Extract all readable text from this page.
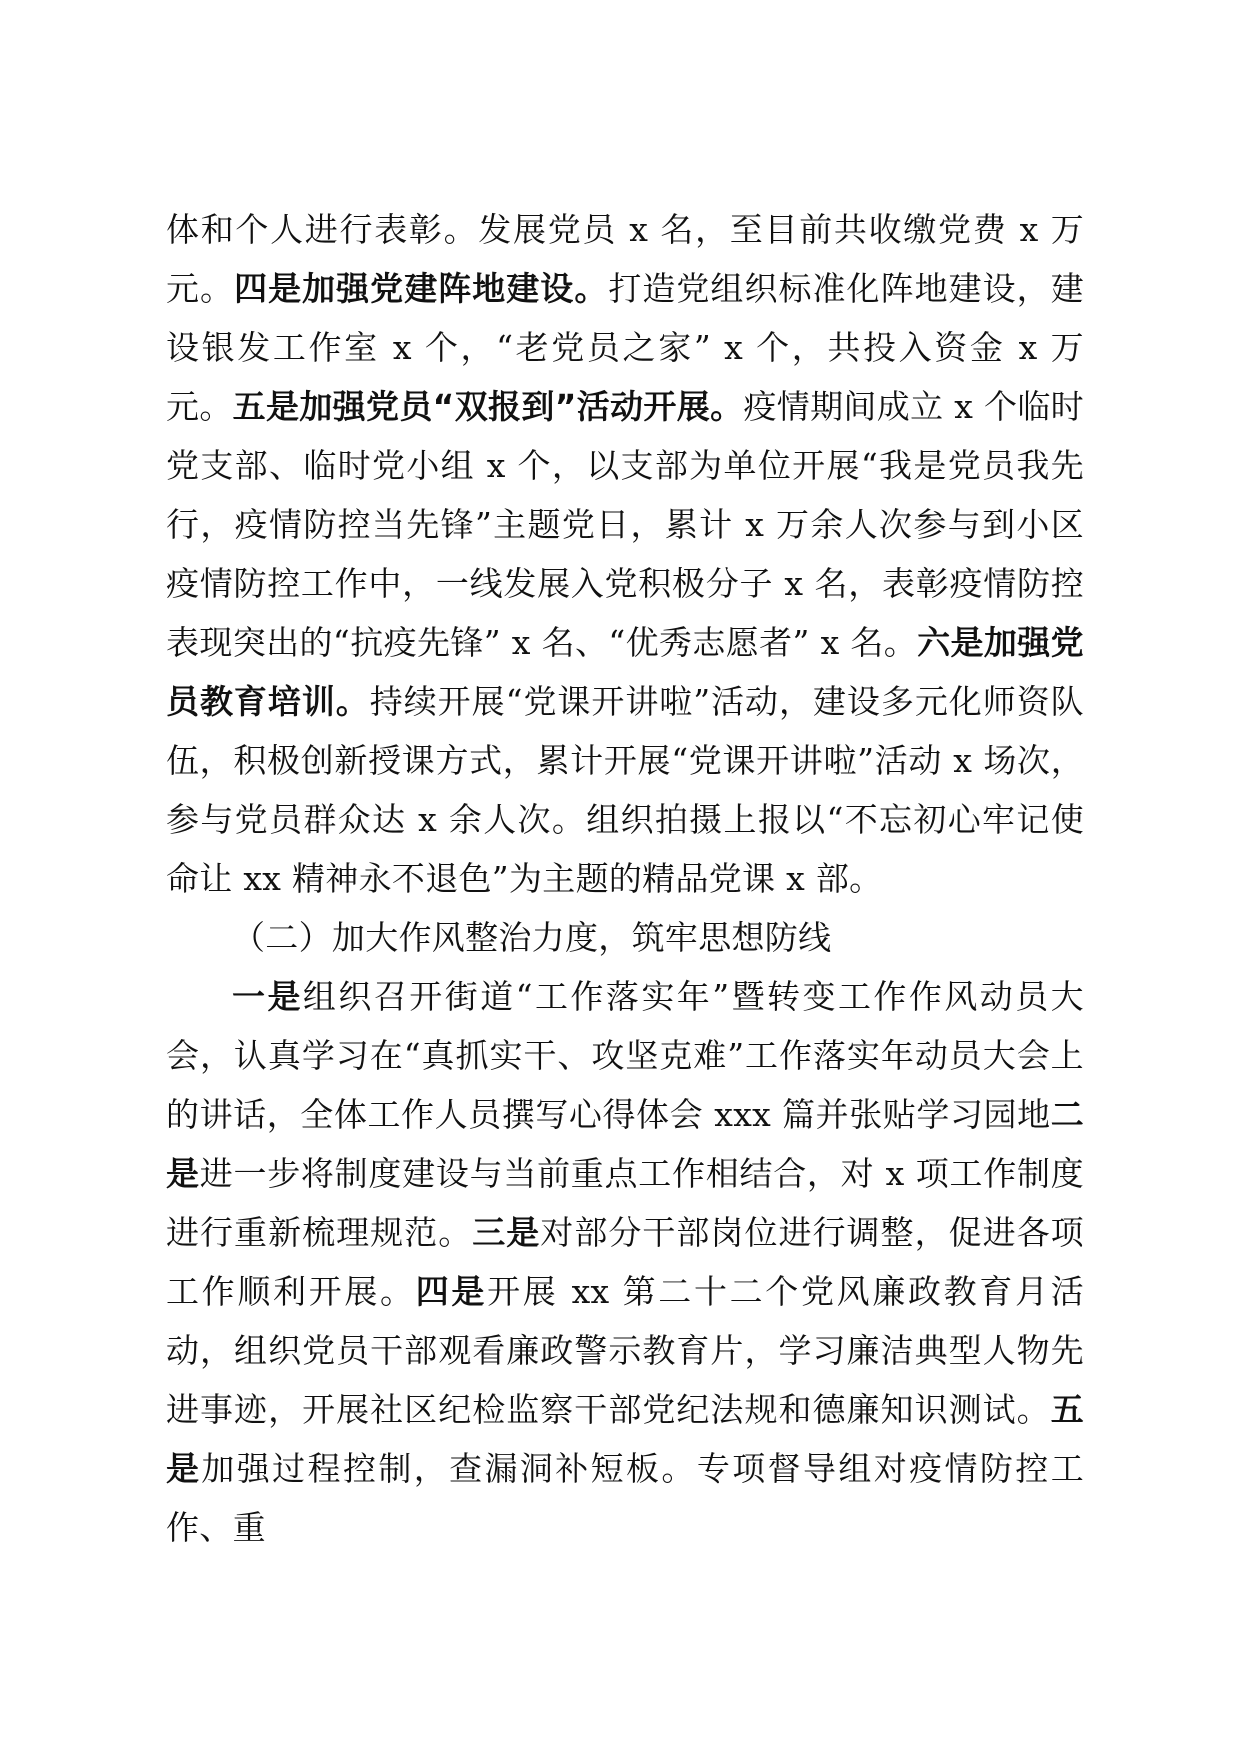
体和个人进行表彰。发展党员 x 名，至目前共收缴党费 x 万元。四是加强党建阵地建设。打造党组织标准化阵地建设，建设银发工作室 x 个，“老党员之家” x 个，共投入资金 x 万元。五是加强党员“双报到”活动开展。疫情期间成立 x 个临时党支部、临时党小组 x 个，以支部为单位开展“我是党员我先行，疫情防控当先锋”主题党日，累计 x 万余人次参与到小区疫情防控工作中，一线发展入党积极分子 x 名，表彰疫情防控表现突出的“抗疫先锋” x 名、“优秀志愿者” x 名。六是加强党员教育培训。持续开展“党课开讲啦”活动，建设多元化师资队伍，积极创新授课方式，累计开展“党课开讲啦”活动 x 场次，参与党员群众达 x 余人次。组织拍摄上报以“不忘初心牢记使命让 xx 精神永不退色”为主题的精品党课 x 部。

（二）加大作风整治力度，筑牢思想防线

一是组织召开街道“工作落实年”暨转变工作作风动员大会，认真学习在“真抓实干、攻坚克难”工作落实年动员大会上的讲话，全体工作人员撰写心得体会 xxx 篇并张贴学习园地二是进一步将制度建设与当前重点工作相结合，对 x 项工作制度进行重新梳理规范。三是对部分干部岗位进行调整，促进各项工作顺利开展。四是开展 xx 第二十二个党风廉政教育月活动，组织党员干部观看廉政警示教育片，学习廉洁典型人物先进事迹，开展社区纪检监察干部党纪法规和德廉知识测试。五是加强过程控制，查漏洞补短板。专项督导组对疫情防控工作、重
